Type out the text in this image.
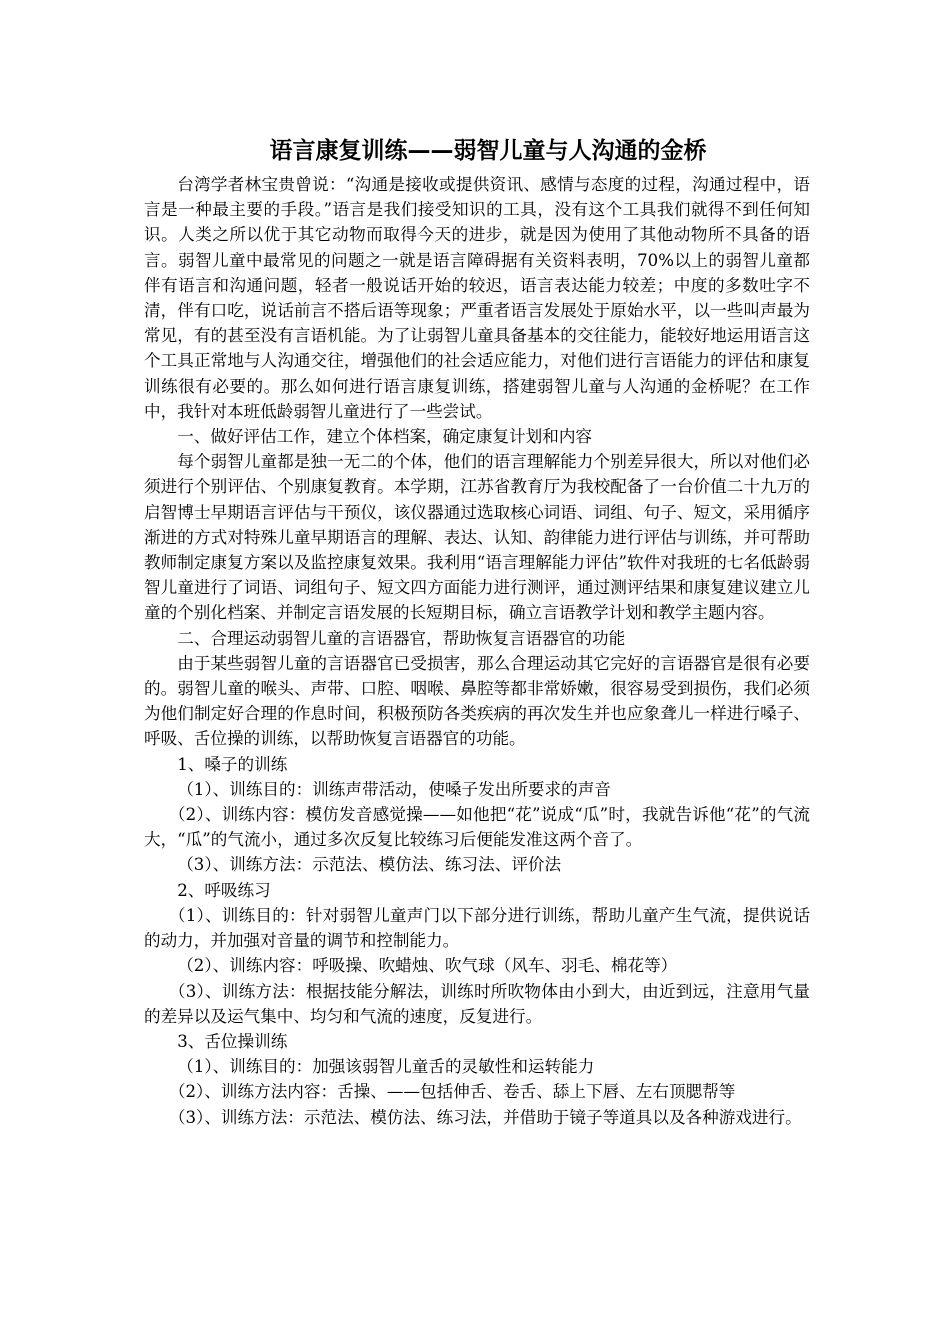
语言康复训练——弱智儿童与人沟通的金桥

台湾学者林宝贵曾说：“沟通是接收或提供资讯、感情与态度的过程，沟通过程中，语言是一种最主要的手段。”语言是我们接受知识的工具，没有这个工具我们就得不到任何知识。人类之所以优于其它动物而取得今天的进步，就是因为使用了其他动物所不具备的语言。弱智儿童中最常见的问题之一就是语言障碍据有关资料表明，70%以上的弱智儿童都伴有语言和沟通问题，轻者一般说话开始的较迟，语言表达能力较差；中度的多数吐字不清，伴有口吃，说话前言不搭后语等现象；严重者语言发展处于原始水平，以一些叫声最为常见，有的甚至没有言语机能。为了让弱智儿童具备基本的交往能力，能较好地运用语言这个工具正常地与人沟通交往，增强他们的社会适应能力，对他们进行言语能力的评估和康复训练很有必要的。那么如何进行语言康复训练，搭建弱智儿童与人沟通的金桥呢？在工作中，我针对本班低龄弱智儿童进行了一些尝试。

一、做好评估工作，建立个体档案，确定康复计划和内容

每个弱智儿童都是独一无二的个体，他们的语言理解能力个别差异很大，所以对他们必须进行个别评估、个别康复教育。本学期，江苏省教育厅为我校配备了一台价值二十九万的启智博士早期语言评估与干预仪，该仪器通过选取核心词语、词组、句子、短文，采用循序渐进的方式对特殊儿童早期语言的理解、表达、认知、韵律能力进行评估与训练，并可帮助教师制定康复方案以及监控康复效果。我利用“语言理解能力评估”软件对我班的七名低龄弱智儿童进行了词语、词组句子、短文四方面能力进行测评，通过测评结果和康复建议建立儿童的个别化档案、并制定言语发展的长短期目标，确立言语教学计划和教学主题内容。

二、合理运动弱智儿童的言语器官，帮助恢复言语器官的功能

由于某些弱智儿童的言语器官已受损害，那么合理运动其它完好的言语器官是很有必要的。弱智儿童的喉头、声带、口腔、咽喉、鼻腔等都非常娇嫩，很容易受到损伤，我们必须为他们制定好合理的作息时间，积极预防各类疾病的再次发生并也应象聋儿一样进行嗓子、呼吸、舌位操的训练，以帮助恢复言语器官的功能。

1、嗓子的训练

（1）、训练目的：训练声带活动，使嗓子发出所要求的声音

（2）、训练内容：模仿发音感觉操——如他把“花”说成“瓜”时，我就告诉他“花”的气流大，“瓜”的气流小，通过多次反复比较练习后便能发准这两个音了。

（3）、训练方法：示范法、模仿法、练习法、评价法

2、呼吸练习

（1）、训练目的：针对弱智儿童声门以下部分进行训练，帮助儿童产生气流，提供说话的动力，并加强对音量的调节和控制能力。

（2）、训练内容：呼吸操、吹蜡烛、吹气球（风车、羽毛、棉花等）

（3）、训练方法：根据技能分解法，训练时所吹物体由小到大，由近到远，注意用气量的差异以及运气集中、均匀和气流的速度，反复进行。

3、舌位操训练

（1）、训练目的：加强该弱智儿童舌的灵敏性和运转能力

（2）、训练方法内容：舌操、——包括伸舌、卷舌、舔上下唇、左右顶腮帮等

（3）、训练方法：示范法、模仿法、练习法，并借助于镜子等道具以及各种游戏进行。
